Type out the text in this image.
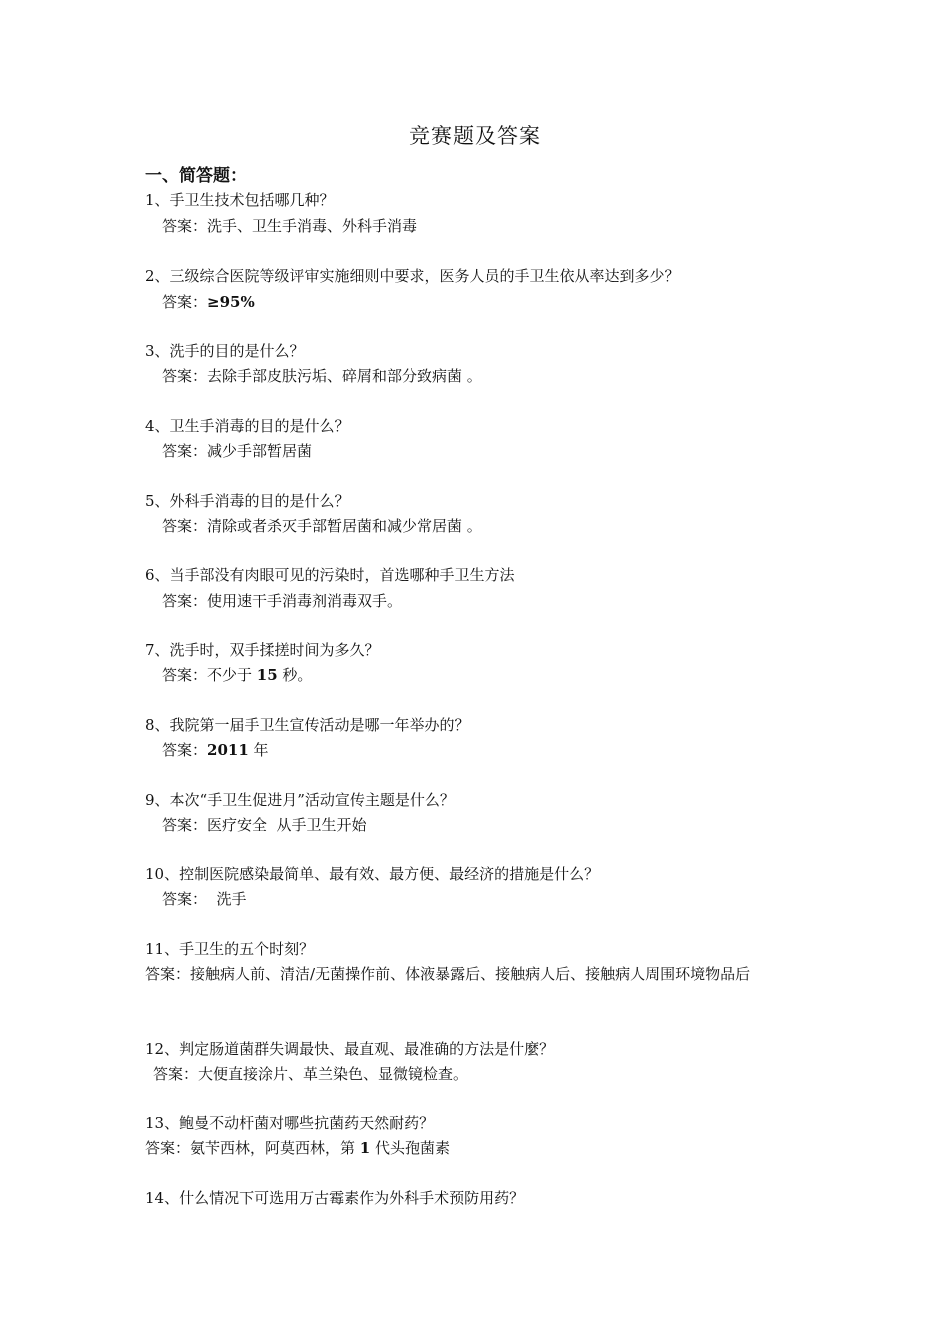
竞赛题及答案
一、简答题：
1、手卫生技术包括哪几种？
答案：洗手、卫生手消毒、外科手消毒
2、三级综合医院等级评审实施细则中要求，医务人员的手卫生依从率达到多少？
答案：≥95%
3、洗手的目的是什么？
答案：去除手部皮肤污垢、碎屑和部分致病菌 。
4、卫生手消毒的目的是什么？
答案：减少手部暂居菌
5、外科手消毒的目的是什么？
答案：清除或者杀灭手部暂居菌和减少常居菌 。
6、当手部没有肉眼可见的污染时，首选哪种手卫生方法
答案：使用速干手消毒剂消毒双手。
7、洗手时，双手揉搓时间为多久？
答案：不少于 15 秒。
8、我院第一届手卫生宣传活动是哪一年举办的？
答案：2011 年
9、本次“手卫生促进月”活动宣传主题是什么？
答案：医疗安全  从手卫生开始
10、控制医院感染最简单、最有效、最方便、最经济的措施是什么？
答案：  洗手
11、手卫生的五个时刻？
答案：接触病人前、清洁/无菌操作前、体液暴露后、接触病人后、接触病人周围环境物品后
12、判定肠道菌群失调最快、最直观、最准确的方法是什麼？
答案：大便直接涂片、革兰染色、显微镜检查。
13、鲍曼不动杆菌对哪些抗菌药天然耐药？
答案：氨苄西林，阿莫西林，第 1 代头孢菌素
14、什么情况下可选用万古霉素作为外科手术预防用药？
